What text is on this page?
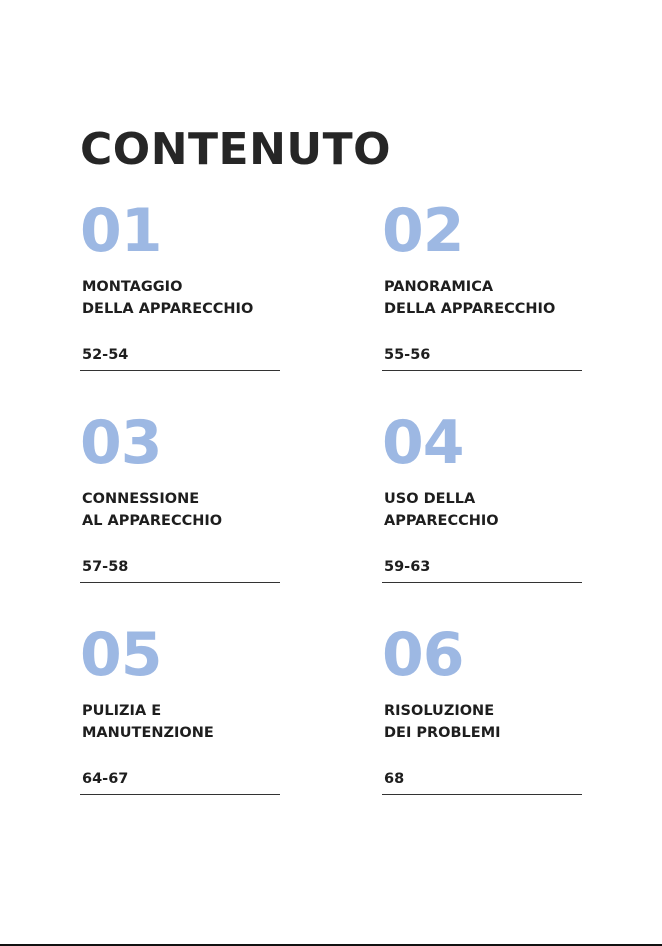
CONTENUTO
01
MONTAGGIO
DELLA APPARECCHIO
52-54
02
PANORAMICA
DELLA APPARECCHIO
55-56
03
CONNESSIONE
AL APPARECCHIO
57-58
04
USO DELLA
APPARECCHIO
59-63
05
PULIZIA E
MANUTENZIONE
64-67
06
RISOLUZIONE
DEI PROBLEMI
68
